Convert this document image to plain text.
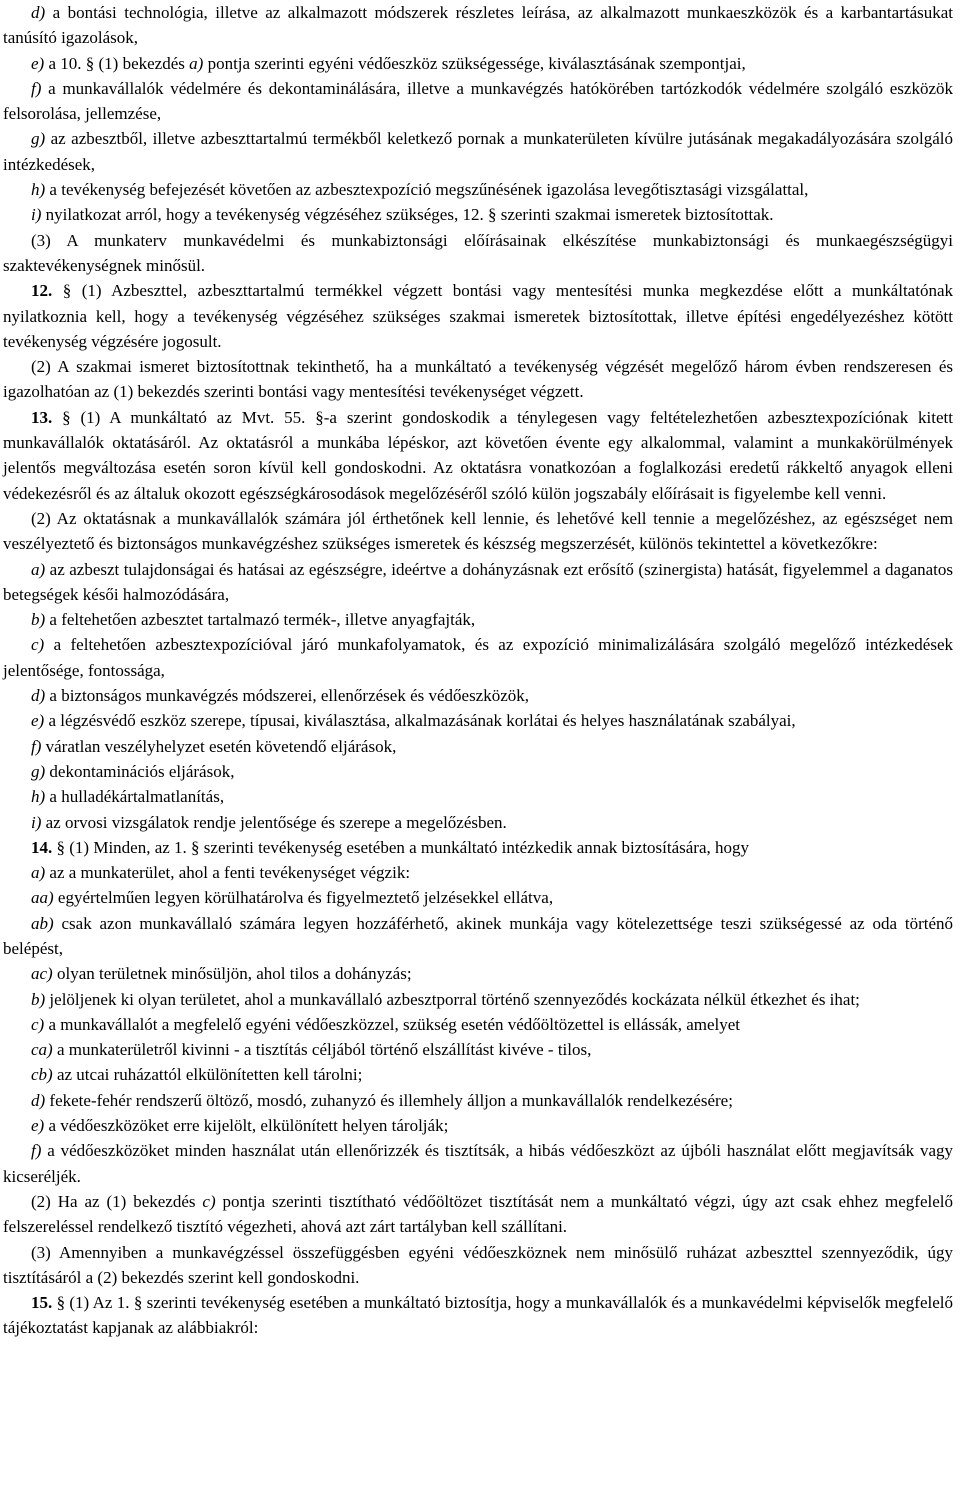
d) a bontási technológia, illetve az alkalmazott módszerek részletes leírása, az alkalmazott munkaeszközök és a karbantartásukat tanúsító igazolások,

e) a 10. § (1) bekezdés a) pontja szerinti egyéni védőeszköz szükségessége, kiválasztásának szempontjai,

f) a munkavállalók védelmére és dekontaminálására, illetve a munkavégzés hatókörében tartózkodók védelmére szolgáló eszközök felsorolása, jellemzése,

g) az azbesztből, illetve azbeszttartalmú termékből keletkező pornak a munkaterületen kívülre jutásának megakadályozására szolgáló intézkedések,

h) a tevékenység befejezését követően az azbesztexpozíció megszűnésének igazolása levegőtisztasági vizsgálattal,

i) nyilatkozat arról, hogy a tevékenység végzéséhez szükséges, 12. § szerinti szakmai ismeretek biztosítottak.

(3) A munkaterv munkavédelmi és munkabiztonsági előírásainak elkészítése munkabiztonsági és munkaegészségügyi szaktevékenységnek minősül.

12. § (1) Azbeszttel, azbeszttartalmú termékkel végzett bontási vagy mentesítési munka megkezdése előtt a munkáltatónak nyilatkoznia kell, hogy a tevékenység végzéséhez szükséges szakmai ismeretek biztosítottak, illetve építési engedélyezéshez kötött tevékenység végzésére jogosult.

(2) A szakmai ismeret biztosítottnak tekinthető, ha a munkáltató a tevékenység végzését megelőző három évben rendszeresen és igazolhatóan az (1) bekezdés szerinti bontási vagy mentesítési tevékenységet végzett.

13. § (1) A munkáltató az Mvt. 55. §-a szerint gondoskodik a ténylegesen vagy feltételezhetően azbesztexpozíciónak kitett munkavállalók oktatásáról. Az oktatásról a munkába lépéskor, azt követően évente egy alkalommal, valamint a munkakörülmények jelentős megváltozása esetén soron kívül kell gondoskodni. Az oktatásra vonatkozóan a foglalkozási eredetű rákkeltő anyagok elleni védekezésről és az általuk okozott egészségkárosodások megelőzéséről szóló külön jogszabály előírásait is figyelembe kell venni.

(2) Az oktatásnak a munkavállalók számára jól érthetőnek kell lennie, és lehetővé kell tennie a megelőzéshez, az egészséget nem veszélyeztető és biztonságos munkavégzéshez szükséges ismeretek és készség megszerzését, különös tekintettel a következőkre:

a) az azbeszt tulajdonságai és hatásai az egészségre, ideértve a dohányzásnak ezt erősítő (szinergista) hatását, figyelemmel a daganatos betegségek késői halmozódására,

b) a feltehetően azbesztet tartalmazó termék-, illetve anyagfajták,

c) a feltehetően azbesztexpozícióval járó munkafolyamatok, és az expozíció minimalizálására szolgáló megelőző intézkedések jelentősége, fontossága,

d) a biztonságos munkavégzés módszerei, ellenőrzések és védőeszközök,

e) a légzésvédő eszköz szerepe, típusai, kiválasztása, alkalmazásának korlátai és helyes használatának szabályai,

f) váratlan veszélyhelyzet esetén követendő eljárások,

g) dekontaminációs eljárások,

h) a hulladékártalmatlanítás,

i) az orvosi vizsgálatok rendje jelentősége és szerepe a megelőzésben.

14. § (1) Minden, az 1. § szerinti tevékenység esetében a munkáltató intézkedik annak biztosítására, hogy

a) az a munkaterület, ahol a fenti tevékenységet végzik:

aa) egyértelműen legyen körülhatárolva és figyelmeztető jelzésekkel ellátva,

ab) csak azon munkavállaló számára legyen hozzáférhető, akinek munkája vagy kötelezettsége teszi szükségessé az oda történő belépést,

ac) olyan területnek minősüljön, ahol tilos a dohányzás;

b) jelöljenek ki olyan területet, ahol a munkavállaló azbesztporral történő szennyeződés kockázata nélkül étkezhet és ihat;

c) a munkavállalót a megfelelő egyéni védőeszközzel, szükség esetén védőöltözettel is ellássák, amelyet

ca) a munkaterületről kivinni - a tisztítás céljából történő elszállítást kivéve - tilos,

cb) az utcai ruházattól elkülönítetten kell tárolni;

d) fekete-fehér rendszerű öltöző, mosdó, zuhanyzó és illemhely álljon a munkavállalók rendelkezésére;

e) a védőeszközöket erre kijelölt, elkülönített helyen tárolják;

f) a védőeszközöket minden használat után ellenőrizzék és tisztítsák, a hibás védőeszközt az újbóli használat előtt megjavítsák vagy kicseréljék.

(2) Ha az (1) bekezdés c) pontja szerinti tisztítható védőöltözet tisztítását nem a munkáltató végzi, úgy azt csak ehhez megfelelő felszereléssel rendelkező tisztító végezheti, ahová azt zárt tartályban kell szállítani.

(3) Amennyiben a munkavégzéssel összefüggésben egyéni védőeszköznek nem minősülő ruházat azbeszttel szennyeződik, úgy tisztításáról a (2) bekezdés szerint kell gondoskodni.

15. § (1) Az 1. § szerinti tevékenység esetében a munkáltató biztosítja, hogy a munkavállalók és a munkavédelmi képviselők megfelelő tájékoztatást kapjanak az alábbiakról:
